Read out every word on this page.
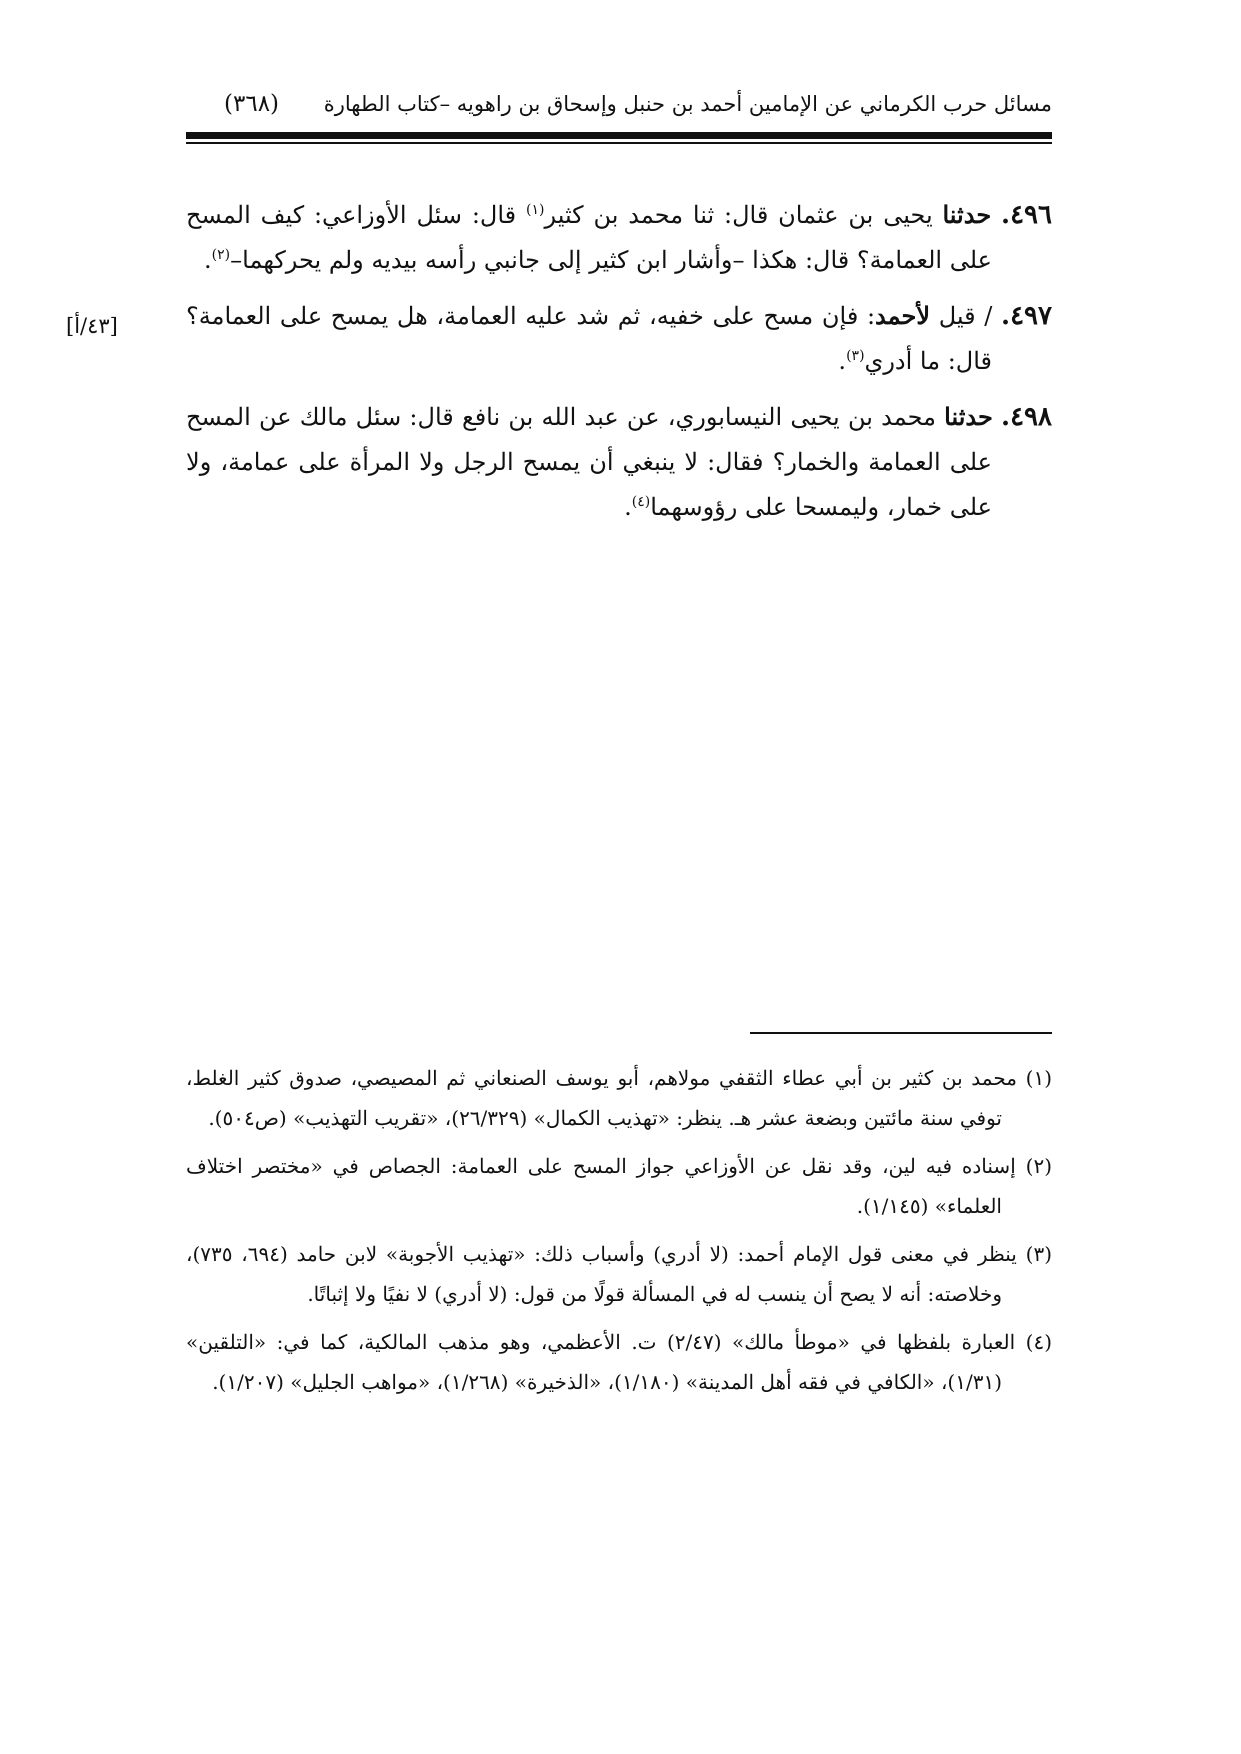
مسائل حرب الكرماني عن الإمامين أحمد بن حنبل وإسحاق بن راهويه –كتاب الطهارة
(٣٦٨)
[٤٣/أ]

٤٩٦. حدثنا يحيى بن عثمان قال: ثنا محمد بن كثير$^{(١)}$ قال: سئل الأوزاعي: كيف المسح على العمامة؟ قال: هكذا –وأشار ابن كثير إلى جانبي رأسه بيديه ولم يحركهما–$^{(٢)}$.

٤٩٧. / قيل لأحمد: فإن مسح على خفيه، ثم شد عليه العمامة، هل يمسح على العمامة؟ قال: ما أدري$^{(٣)}$.

٤٩٨. حدثنا محمد بن يحيى النيسابوري، عن عبد الله بن نافع قال: سئل مالك عن المسح على العمامة والخمار؟ فقال: لا ينبغي أن يمسح الرجل ولا المرأة على عمامة، ولا على خمار، وليمسحا على رؤوسهما$^{(٤)}$.

(١) محمد بن كثير بن أبي عطاء الثقفي مولاهم، أبو يوسف الصنعاني ثم المصيصي، صدوق كثير الغلط، توفي سنة مائتين وبضعة عشر هـ. ينظر: «تهذيب الكمال» (٢٦/٣٢٩)، «تقريب التهذيب» (ص٥٠٤).

(٢) إسناده فيه لين، وقد نقل عن الأوزاعي جواز المسح على العمامة: الجصاص في «مختصر اختلاف العلماء» (١/١٤٥).

(٣) ينظر في معنى قول الإمام أحمد: (لا أدري) وأسباب ذلك: «تهذيب الأجوبة» لابن حامد (٦٩٤، ٧٣٥)، وخلاصته: أنه لا يصح أن ينسب له في المسألة قولًا من قول: (لا أدري) لا نفيًا ولا إثباتًا.

(٤) العبارة بلفظها في «موطأ مالك» (٢/٤٧) ت. الأعظمي، وهو مذهب المالكية، كما في: «التلقين» (١/٣١)، «الكافي في فقه أهل المدينة» (١/١٨٠)، «الذخيرة» (١/٢٦٨)، «مواهب الجليل» (١/٢٠٧).
